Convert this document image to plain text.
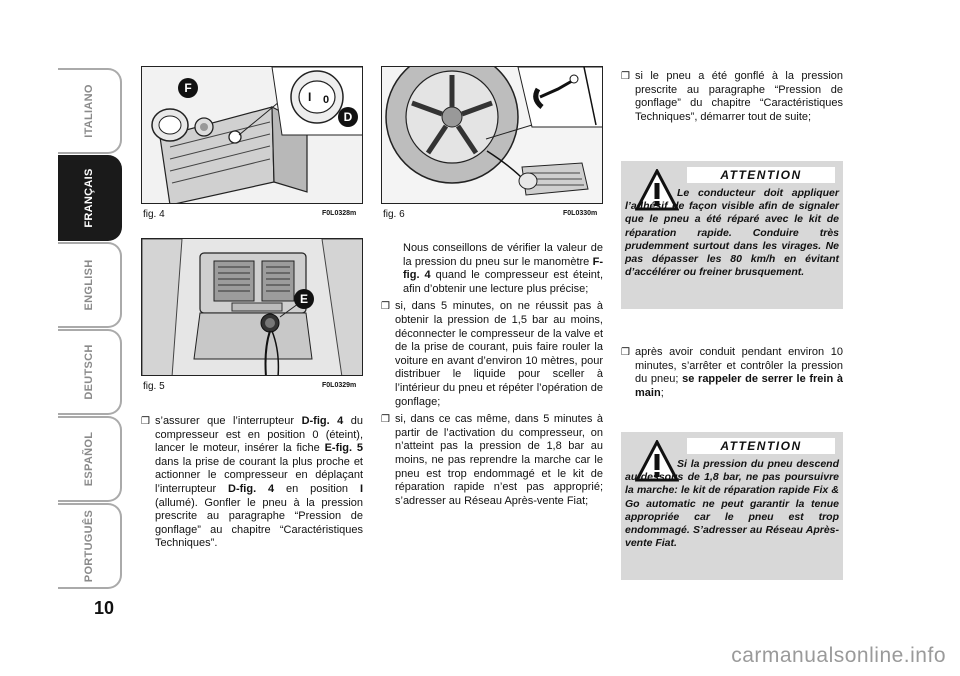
ITALIANO
FRANÇAIS
ENGLISH
DEUTSCH
ESPAÑOL
PORTUGUÊS
10
I 0
F
D
fig. 4	F0L0328m
E
fig. 5	F0L0329m
fig. 6	F0L0330m
❒ s’assurer que l’interrupteur D-fig. 4 du compresseur est en position 0 (éteint), lancer le moteur, insérer la fiche E-fig. 5 dans la prise de courant la plus proche et actionner le compresseur en déplaçant l’interrupteur D-fig. 4 en position I (allumé). Gonfler le pneu à la pression prescrite au paragraphe “Pression de gonflage” au chapitre “Caractéristiques Techniques”.
Nous conseillons de vérifier la valeur de la pression du pneu sur le manomètre F-fig. 4 quand le compresseur est éteint, afin d’obtenir une lecture plus précise;
❒ si, dans 5 minutes, on ne réussit pas à obtenir la pression de 1,5 bar au moins, déconnecter le compresseur de la valve et de la prise de courant, puis faire rouler la voiture en avant d’environ 10 mètres, pour distribuer le liquide pour sceller à l’intérieur du pneu et répéter l’opération de gonflage;
❒ si, dans ce cas même, dans 5 minutes à partir de l’activation du compresseur, on n’atteint pas la pression de 1,8 bar au moins, ne pas reprendre la marche car le pneu est trop endommagé et le kit de réparation rapide n’est pas approprié; s’adresser au Réseau Après-vente Fiat;
❒ si le pneu a été gonflé à la pression prescrite au paragraphe “Pression de gonflage” du chapitre “Caractéristiques Techniques”, démarrer tout de suite;
ATTENTION
Le conducteur doit appliquer l’adhésif de façon visible afin de signaler que le pneu a été réparé avec le kit de réparation rapide. Conduire très prudemment surtout dans les virages. Ne pas dépasser les 80 km/h en évitant d’accélérer ou freiner brusquement.
❒ après avoir conduit pendant environ 10 minutes, s’arrêter et contrôler la pression du pneu; se rappeler de serrer le frein à main;
ATTENTION
Si la pression du pneu descend au-dessous de 1,8 bar, ne pas poursuivre la marche: le kit de réparation rapide Fix & Go automatic ne peut garantir la tenue appropriée car le pneu est trop endommagé. S’adresser au Réseau Après-vente Fiat.
carmanualsonline.info
